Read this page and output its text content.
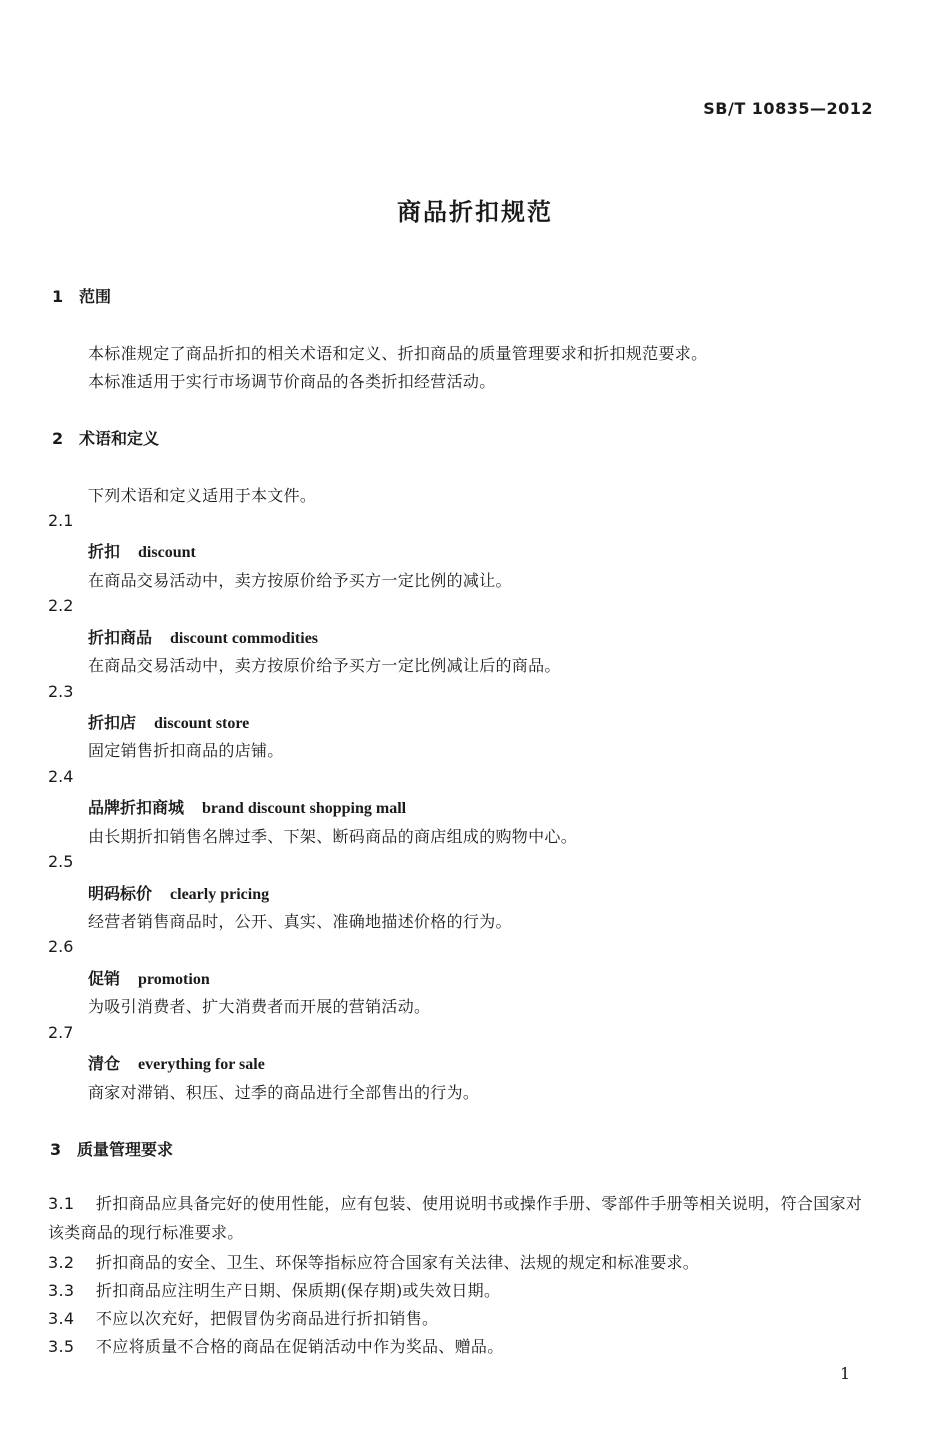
SB/T 10835—2012
商品折扣规范
1 范围
本标准规定了商品折扣的相关术语和定义、折扣商品的质量管理要求和折扣规范要求。
本标准适用于实行市场调节价商品的各类折扣经营活动。
2 术语和定义
下列术语和定义适用于本文件。
2.1
折扣 discount
在商品交易活动中，卖方按原价给予买方一定比例的减让。
2.2
折扣商品 discount commodities
在商品交易活动中，卖方按原价给予买方一定比例减让后的商品。
2.3
折扣店 discount store
固定销售折扣商品的店铺。
2.4
品牌折扣商城 brand discount shopping mall
由长期折扣销售名牌过季、下架、断码商品的商店组成的购物中心。
2.5
明码标价 clearly pricing
经营者销售商品时，公开、真实、准确地描述价格的行为。
2.6
促销 promotion
为吸引消费者、扩大消费者而开展的营销活动。
2.7
清仓 everything for sale
商家对滞销、积压、过季的商品进行全部售出的行为。
3 质量管理要求
3.1 折扣商品应具备完好的使用性能，应有包装、使用说明书或操作手册、零部件手册等相关说明，符合国家对该类商品的现行标准要求。
3.2 折扣商品的安全、卫生、环保等指标应符合国家有关法律、法规的规定和标准要求。
3.3 折扣商品应注明生产日期、保质期(保存期)或失效日期。
3.4 不应以次充好，把假冒伪劣商品进行折扣销售。
3.5 不应将质量不合格的商品在促销活动中作为奖品、赠品。
1
